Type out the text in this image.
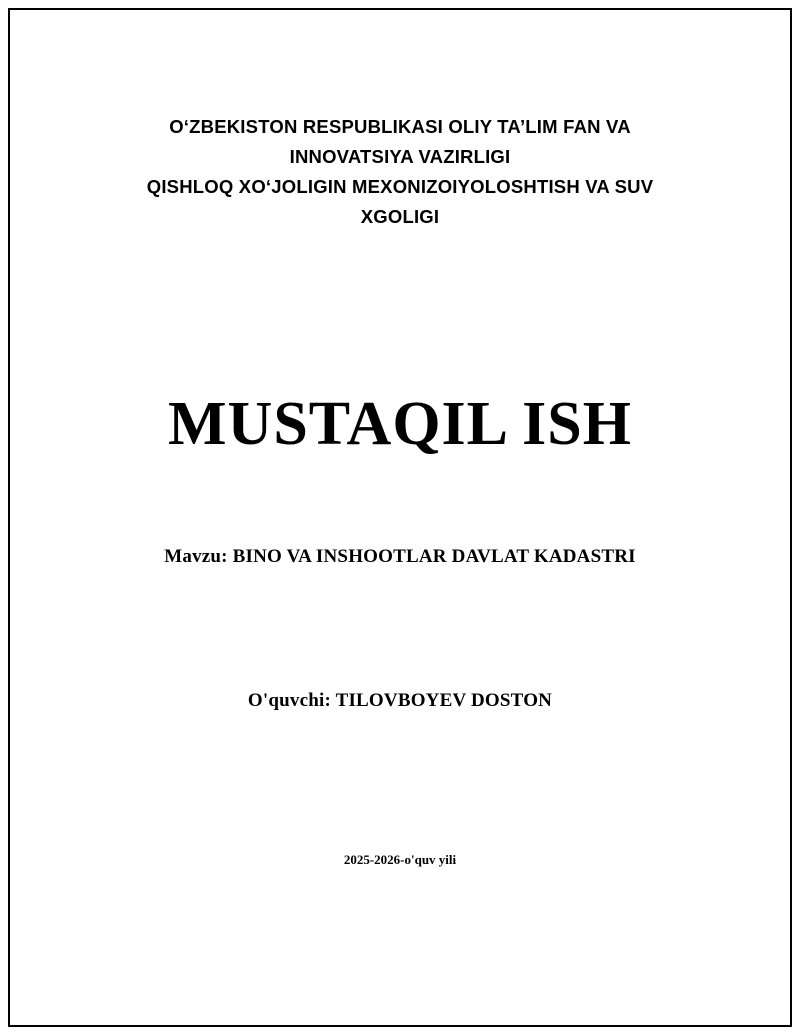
O‘ZBEKISTON RESPUBLIKASI OLIY TA’LIM FAN VA
INNOVATSIYA VAZIRLIGI
QISHLOQ XO‘JOLIGIN MEXONIZOIYOLOSHTISH VA SUV
XGOLIGI
MUSTAQIL ISH
Mavzu: BINO VA INSHOOTLAR DAVLAT KADASTRI
O'quvchi: TILOVBOYEV DOSTON
2025-2026-o'quv yili
